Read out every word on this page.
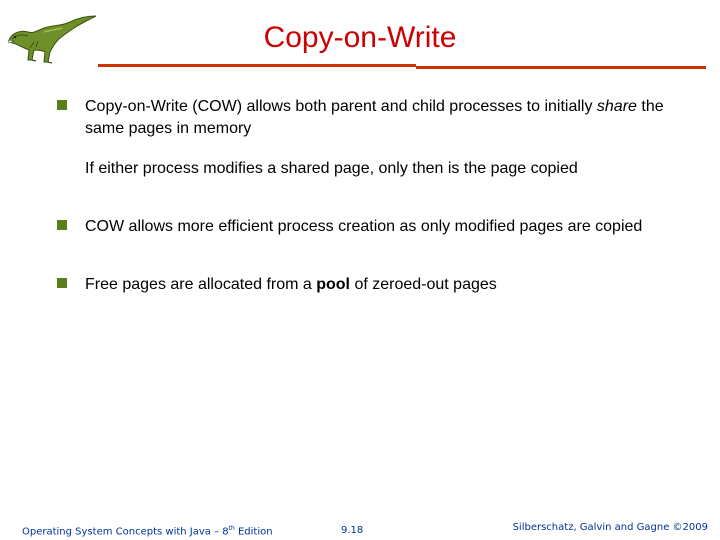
Copy-on-Write
Copy-on-Write (COW) allows both parent and child processes to initially share the same pages in memory
If either process modifies a shared page, only then is the page copied
COW allows more efficient process creation as only modified pages are copied
Free pages are allocated from a pool of zeroed-out pages
Operating System Concepts with Java – 8th Edition	9.18	Silberschatz, Galvin and Gagne ©2009
